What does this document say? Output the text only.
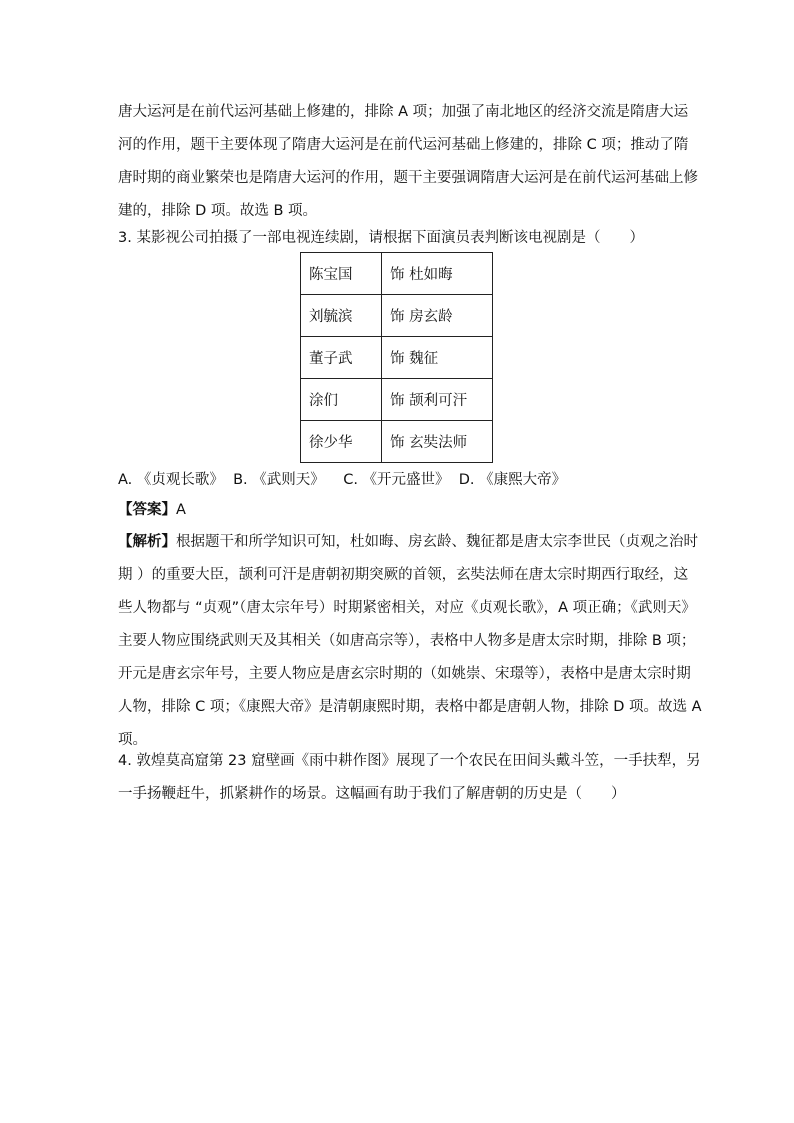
唐大运河是在前代运河基础上修建的，排除 A 项；加强了南北地区的经济交流是隋唐大运
河的作用，题干主要体现了隋唐大运河是在前代运河基础上修建的，排除 C 项；推动了隋
唐时期的商业繁荣也是隋唐大运河的作用，题干主要强调隋唐大运河是在前代运河基础上修
建的，排除 D 项。故选 B 项。
3. 某影视公司拍摄了一部电视连续剧，请根据下面演员表判断该电视剧是（　　）
陈宝国	饰 杜如晦
刘毓滨	饰 房玄龄
董子武	饰 魏征
涂们	饰 颉利可汗
徐少华	饰 玄奘法师
A. 《贞观长歌》  B. 《武则天》    C. 《开元盛世》  D. 《康熙大帝》
【答案】A
【解析】根据题干和所学知识可知，杜如晦、房玄龄、魏征都是唐太宗李世民（贞观之治时
期 ）的重要大臣，颉利可汗是唐朝初期突厥的首领，玄奘法师在唐太宗时期西行取经，这
些人物都与 “贞观”（唐太宗年号）时期紧密相关，对应《贞观长歌》，A 项正确；《武则天》
主要人物应围绕武则天及其相关（如唐高宗等），表格中人物多是唐太宗时期，排除 B 项；
开元是唐玄宗年号，主要人物应是唐玄宗时期的（如姚崇、宋璟等），表格中是唐太宗时期
人物，排除 C 项；《康熙大帝》是清朝康熙时期，表格中都是唐朝人物，排除 D 项。故选 A
项。
4. 敦煌莫高窟第 23 窟壁画《雨中耕作图》展现了一个农民在田间头戴斗笠，一手扶犁，另
一手扬鞭赶牛，抓紧耕作的场景。这幅画有助于我们了解唐朝的历史是（　　）
